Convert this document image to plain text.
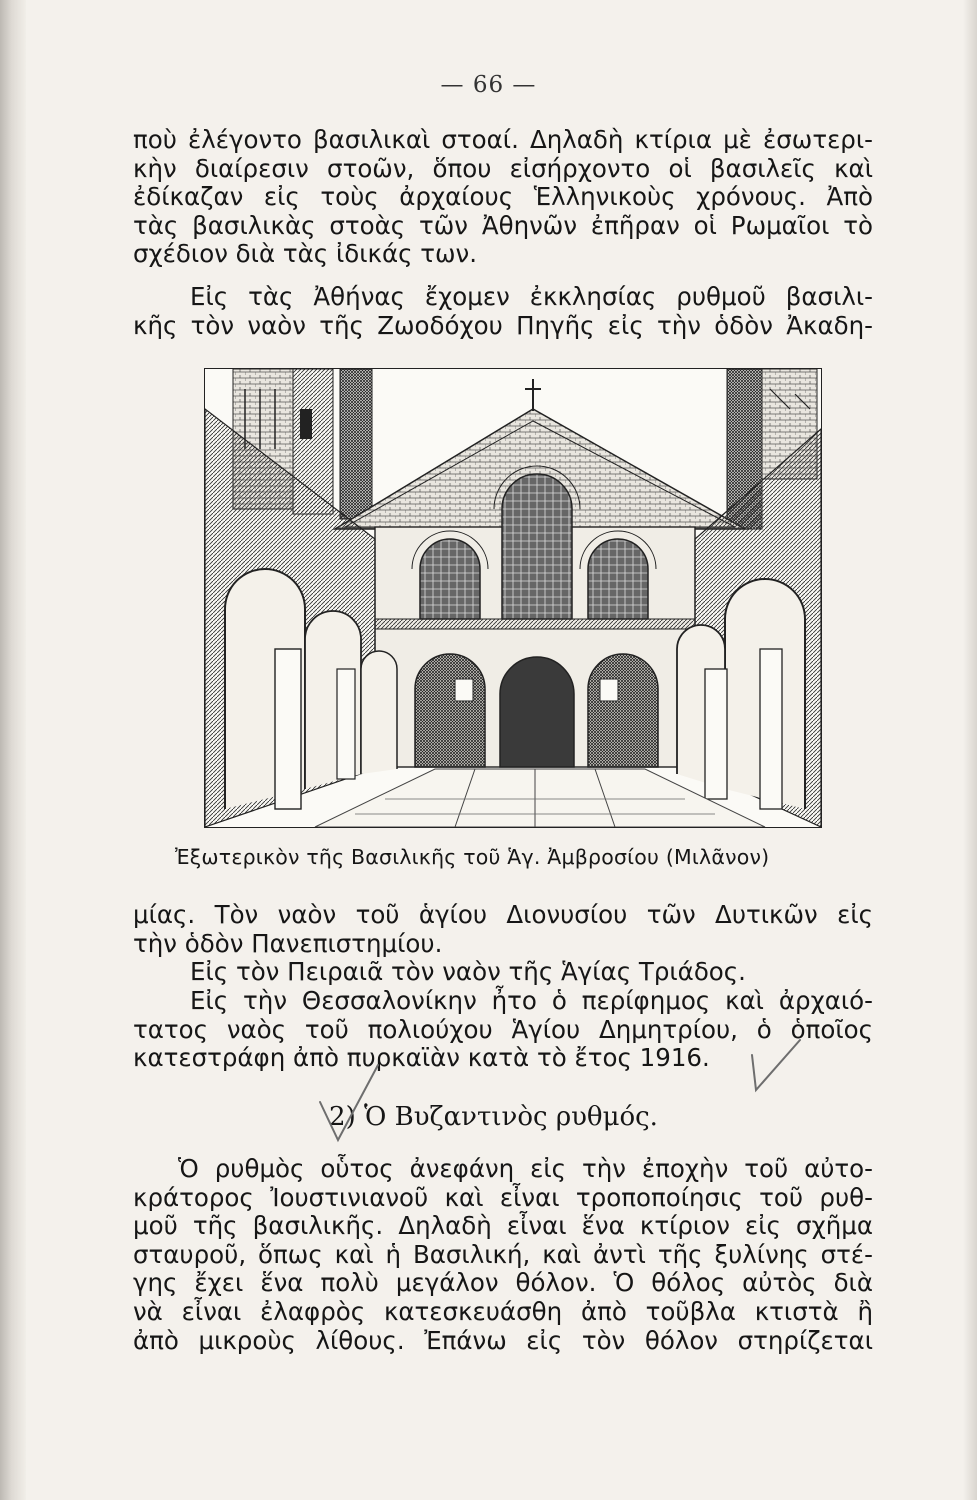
— 66 —
ποὺ ἐλέγοντο βασιλικαὶ στοαί. Δηλαδὴ κτίρια μὲ ἐσωτερι-
κὴν διαίρεσιν στοῶν, ὅπου εἰσήρχοντο οἱ βασιλεῖς καὶ
ἐδίκαζαν εἰς τοὺς ἀρχαίους Ἑλληνικοὺς χρόνους. Ἀπὸ
τὰς βασιλικὰς στοὰς τῶν Ἀθηνῶν ἐπῆραν οἱ Ρωμαῖοι τὸ
σχέδιον διὰ τὰς ἰδικάς των.
Εἰς τὰς Ἀθήνας ἔχομεν ἐκκλησίας ρυθμοῦ βασιλι-
κῆς τὸν ναὸν τῆς Ζωοδόχου Πηγῆς εἰς τὴν ὁδὸν Ἀκαδη-
Ἐξωτερικὸν τῆς Βασιλικῆς τοῦ Ἁγ. Ἀμβροσίου (Μιλᾶνον)
μίας. Τὸν ναὸν τοῦ ἁγίου Διονυσίου τῶν Δυτικῶν εἰς
τὴν ὁδὸν Πανεπιστημίου.
Εἰς τὸν Πειραιᾶ τὸν ναὸν τῆς Ἁγίας Τριάδος.
Εἰς τὴν Θεσσαλονίκην ἦτο ὁ περίφημος καὶ ἀρχαιό-
τατος ναὸς τοῦ πολιούχου Ἁγίου Δημητρίου, ὁ ὁποῖος
κατεστράφη ἀπὸ πυρκαϊὰν κατὰ τὸ ἔτος 1916.
2) Ὁ Βυζαντινὸς ρυθμός.
Ὁ ρυθμὸς οὗτος ἀνεφάνη εἰς τὴν ἐποχὴν τοῦ αὐτο-
κράτορος Ἰουστινιανοῦ καὶ εἶναι τροποποίησις τοῦ ρυθ-
μοῦ τῆς βασιλικῆς. Δηλαδὴ εἶναι ἕνα κτίριον εἰς σχῆμα
σταυροῦ, ὅπως καὶ ἡ Βασιλική, καὶ ἀντὶ τῆς ξυλίνης στέ-
γης ἔχει ἕνα πολὺ μεγάλον θόλον. Ὁ θόλος αὐτὸς διὰ
νὰ εἶναι ἐλαφρὸς κατεσκευάσθη ἀπὸ τοῦβλα κτιστὰ ἢ
ἀπὸ μικροὺς λίθους. Ἐπάνω εἰς τὸν θόλον στηρίζεται
